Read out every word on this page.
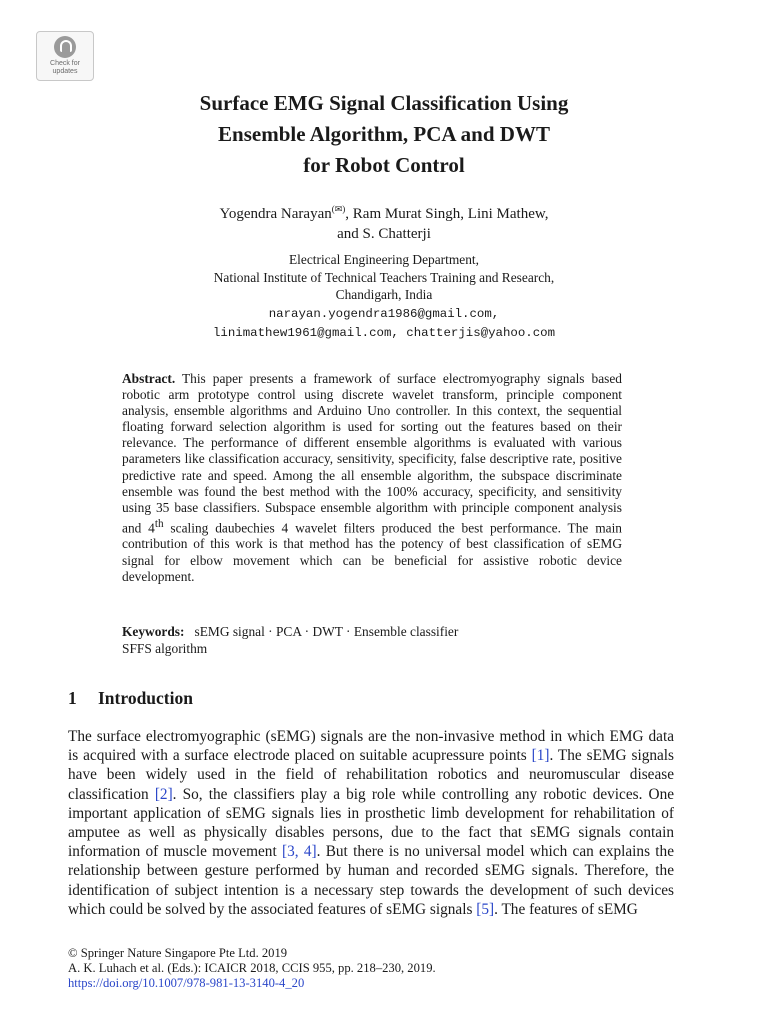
Check for
updates
Surface EMG Signal Classification Using
Ensemble Algorithm, PCA and DWT
for Robot Control
Yogendra Narayan(✉), Ram Murat Singh, Lini Mathew,
and S. Chatterji
Electrical Engineering Department,
National Institute of Technical Teachers Training and Research,
Chandigarh, India
narayan.yogendra1986@gmail.com,
linimathew1961@gmail.com, chatterjis@yahoo.com

Abstract. This paper presents a framework of surface electromyography signals based robotic arm prototype control using discrete wavelet transform, principle component analysis, ensemble algorithms and Arduino Uno controller. In this context, the sequential floating forward selection algorithm is used for sorting out the features based on their relevance. The performance of different ensemble algorithms is evaluated with various parameters like classification accuracy, sensitivity, specificity, false descriptive rate, positive predictive rate and speed. Among the all ensemble algorithm, the subspace discriminate ensemble was found the best method with the 100% accuracy, specificity, and sensitivity using 35 base classifiers. Subspace ensemble algorithm with principle component analysis and 4th scaling daubechies 4 wavelet filters produced the best performance. The main contribution of this work is that method has the potency of best classification of sEMG signal for elbow movement which can be beneficial for assistive robotic device development.

Keywords: sEMG signal · PCA · DWT · Ensemble classifier
SFFS algorithm
1 Introduction

The surface electromyographic (sEMG) signals are the non-invasive method in which EMG data is acquired with a surface electrode placed on suitable acupressure points [1]. The sEMG signals have been widely used in the field of rehabilitation robotics and neuromuscular disease classification [2]. So, the classifiers play a big role while controlling any robotic devices. One important application of sEMG signals lies in prosthetic limb development for rehabilitation of amputee as well as physically disables persons, due to the fact that sEMG signals contain information of muscle movement [3, 4]. But there is no universal model which can explains the relationship between gesture performed by human and recorded sEMG signals. Therefore, the identification of subject intention is a necessary step towards the development of such devices which could be solved by the associated features of sEMG signals [5]. The features of sEMG

© Springer Nature Singapore Pte Ltd. 2019
A. K. Luhach et al. (Eds.): ICAICR 2018, CCIS 955, pp. 218–230, 2019.
https://doi.org/10.1007/978-981-13-3140-4_20
